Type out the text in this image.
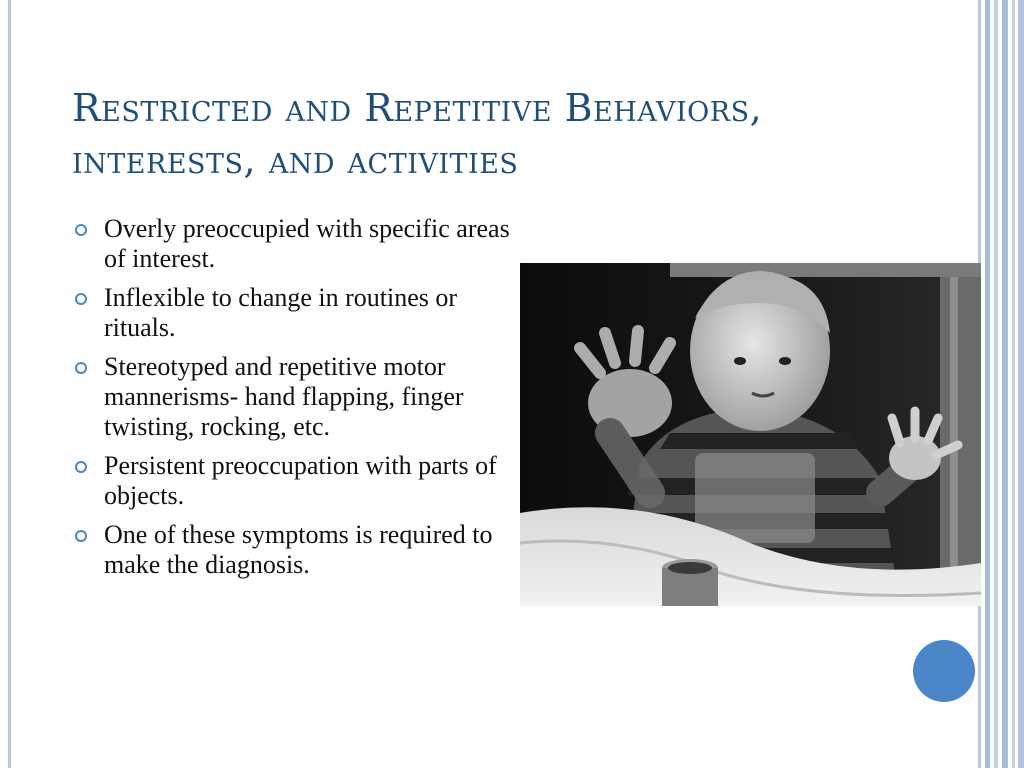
Restricted and Repetitive Behaviors, interests, and activities
Overly preoccupied with specific areas of interest.
Inflexible to change in routines or rituals.
Stereotyped and repetitive motor mannerisms- hand flapping, finger twisting, rocking, etc.
Persistent preoccupation with parts of objects.
One of these symptoms is required to make the diagnosis.
